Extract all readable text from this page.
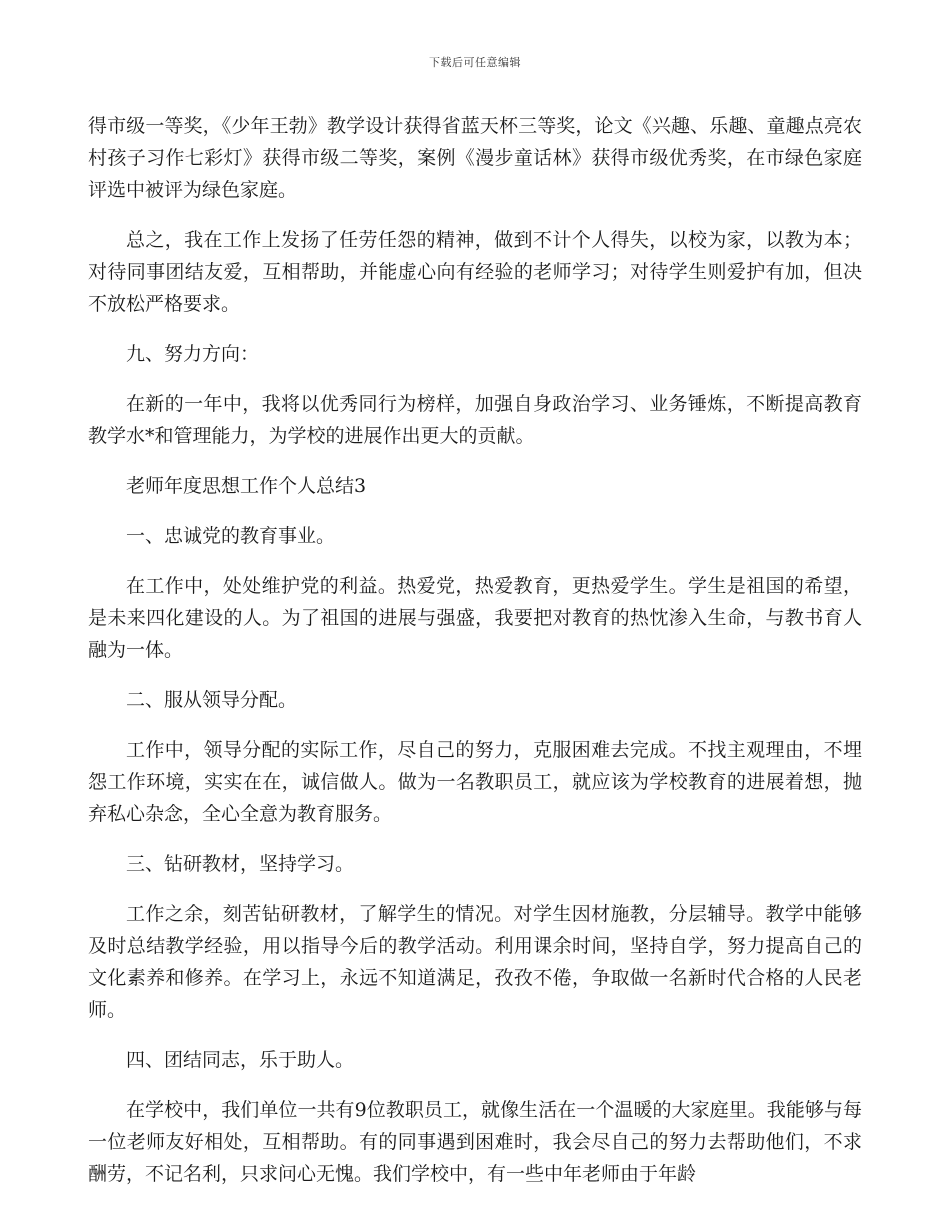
下载后可任意编辑

得市级一等奖，《少年王勃》教学设计获得省蓝天杯三等奖，论文《兴趣、乐趣、童趣点亮农村孩子习作七彩灯》获得市级二等奖，案例《漫步童话林》获得市级优秀奖，在市绿色家庭评选中被评为绿色家庭。

总之，我在工作上发扬了任劳任怨的精神，做到不计个人得失，以校为家，以教为本；对待同事团结友爱，互相帮助，并能虚心向有经验的老师学习；对待学生则爱护有加，但决不放松严格要求。

九、努力方向：

在新的一年中，我将以优秀同行为榜样，加强自身政治学习、业务锤炼，不断提高教育教学水*和管理能力，为学校的进展作出更大的贡献。

老师年度思想工作个人总结3

一、忠诚党的教育事业。

在工作中，处处维护党的利益。热爱党，热爱教育，更热爱学生。学生是祖国的希望，是未来四化建设的人。为了祖国的进展与强盛，我要把对教育的热忱渗入生命，与教书育人融为一体。

二、服从领导分配。

工作中，领导分配的实际工作，尽自己的努力，克服困难去完成。不找主观理由，不埋怨工作环境，实实在在，诚信做人。做为一名教职员工，就应该为学校教育的进展着想，抛弃私心杂念，全心全意为教育服务。

三、钻研教材，坚持学习。

工作之余，刻苦钻研教材，了解学生的情况。对学生因材施教，分层辅导。教学中能够及时总结教学经验，用以指导今后的教学活动。利用课余时间，坚持自学，努力提高自己的文化素养和修养。在学习上，永远不知道满足，孜孜不倦，争取做一名新时代合格的人民老师。

四、团结同志，乐于助人。

在学校中，我们单位一共有9位教职员工，就像生活在一个温暖的大家庭里。我能够与每一位老师友好相处，互相帮助。有的同事遇到困难时，我会尽自己的努力去帮助他们，不求酬劳，不记名利，只求问心无愧。我们学校中，有一些中年老师由于年龄
